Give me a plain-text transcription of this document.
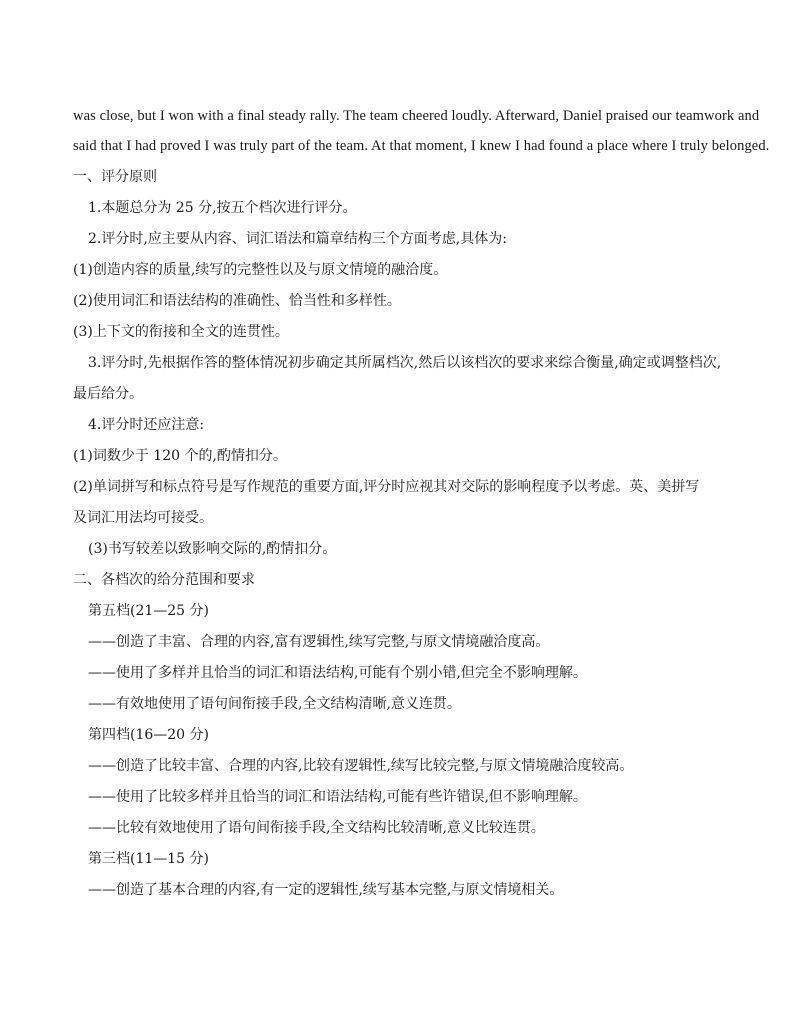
was close, but I won with a final steady rally. The team cheered loudly. Afterward, Daniel praised our teamwork and
said that I had proved I was truly part of the team. At that moment, I knew I had found a place where I truly belonged.
一、评分原则
1.本题总分为 25 分,按五个档次进行评分。
2.评分时,应主要从内容、词汇语法和篇章结构三个方面考虑,具体为:
(1)创造内容的质量,续写的完整性以及与原文情境的融洽度。
(2)使用词汇和语法结构的准确性、恰当性和多样性。
(3)上下文的衔接和全文的连贯性。
3.评分时,先根据作答的整体情况初步确定其所属档次,然后以该档次的要求来综合衡量,确定或调整档次,
最后给分。
4.评分时还应注意:
(1)词数少于 120 个的,酌情扣分。
(2)单词拼写和标点符号是写作规范的重要方面,评分时应视其对交际的影响程度予以考虑。英、美拼写
及词汇用法均可接受。
(3)书写较差以致影响交际的,酌情扣分。
二、各档次的给分范围和要求
第五档(21—25 分)
——创造了丰富、合理的内容,富有逻辑性,续写完整,与原文情境融洽度高。
——使用了多样并且恰当的词汇和语法结构,可能有个别小错,但完全不影响理解。
——有效地使用了语句间衔接手段,全文结构清晰,意义连贯。
第四档(16—20 分)
——创造了比较丰富、合理的内容,比较有逻辑性,续写比较完整,与原文情境融洽度较高。
——使用了比较多样并且恰当的词汇和语法结构,可能有些许错误,但不影响理解。
——比较有效地使用了语句间衔接手段,全文结构比较清晰,意义比较连贯。
第三档(11—15 分)
——创造了基本合理的内容,有一定的逻辑性,续写基本完整,与原文情境相关。
